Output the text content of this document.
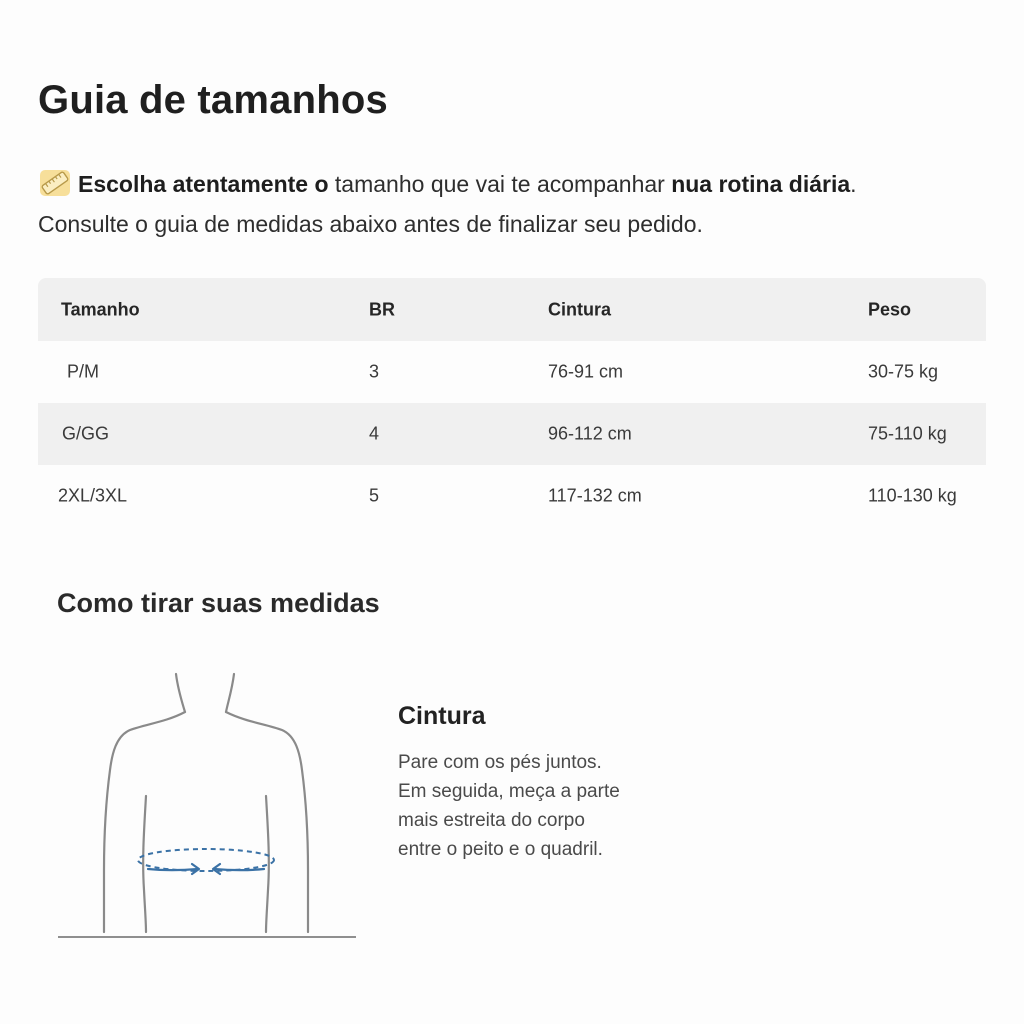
Guia de tamanhos
Escolha atentamente o tamanho que vai te acompanhar nua rotina diária.
Consulte o guia de medidas abaixo antes de finalizar seu pedido.
Tamanho	BR	Cintura	Peso
P/M	3	76-91 cm	30-75 kg
G/GG	4	96-112 cm	75-110 kg
2XL/3XL	5	117-132 cm	110-130 kg
Como tirar suas medidas
Cintura
Pare com os pés juntos.
Em seguida, meça a parte
mais estreita do corpo
entre o peito e o quadril.
